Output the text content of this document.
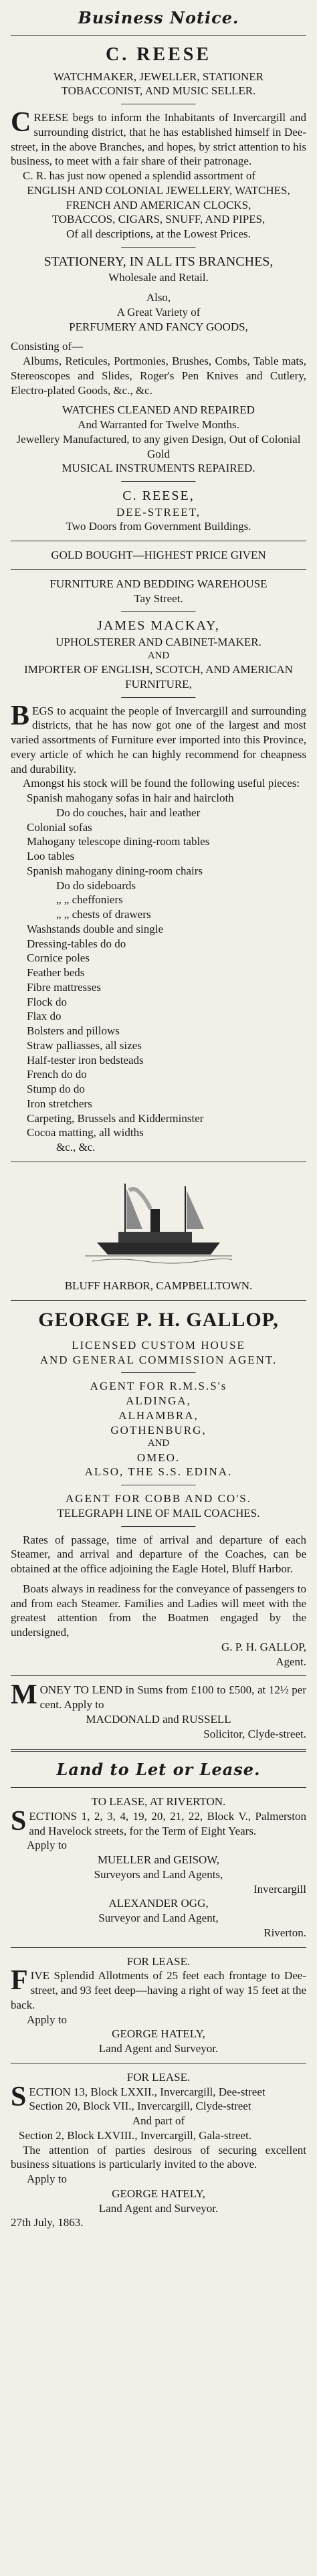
Business Notice.
C. REESE
WATCHMAKER, JEWELLER, STATIONER
TOBACCONIST, AND MUSIC SELLER.
CREESE begs to inform the Inhabitants of Invercargill and surrounding district, that he has established himself in Dee-street, in the above Branches, and hopes, by strict attention to his business, to meet with a fair share of their patronage.
C. R. has just now opened a splendid assortment of
ENGLISH AND COLONIAL JEWELLERY, WATCHES, FRENCH AND AMERICAN CLOCKS,
TOBACCOS, CIGARS, SNUFF, AND PIPES,
Of all descriptions, at the Lowest Prices.
STATIONERY, IN ALL ITS BRANCHES,
Wholesale and Retail.
Also,
A Great Variety of
PERFUMERY AND FANCY GOODS,
Consisting of—
Albums, Reticules, Portmonies, Brushes, Combs, Table mats, Stereoscopes and Slides, Roger's Pen Knives and Cutlery, Electro-plated Goods, &c., &c.
WATCHES CLEANED AND REPAIRED
And Warranted for Twelve Months.
Jewellery Manufactured, to any given Design, Out of Colonial Gold
MUSICAL INSTRUMENTS REPAIRED.
C. REESE,
DEE-STREET,
Two Doors from Government Buildings.
GOLD BOUGHT—HIGHEST PRICE GIVEN
FURNITURE AND BEDDING WAREHOUSE
Tay Street.
JAMES MACKAY,
UPHOLSTERER AND CABINET-MAKER.
AND
IMPORTER OF ENGLISH, SCOTCH, AND AMERICAN FURNITURE,
BEGS to acquaint the people of Invercargill and surrounding districts, that he has now got one of the largest and most varied assortments of Furniture ever imported into this Province, every article of which he can highly recommend for cheapness and durability.
Amongst his stock will be found the following useful pieces:
Spanish mahogany sofas in hair and haircloth
Do do couches, hair and leather
Colonial sofas
Mahogany telescope dining-room tables
Loo tables
Spanish mahogany dining-room chairs
Do do sideboards
„ „ cheffoniers
„ „ chests of drawers
Washstands double and single
Dressing-tables do do
Cornice poles
Feather beds
Fibre mattresses
Flock do
Flax do
Bolsters and pillows
Straw palliasses, all sizes
Half-tester iron bedsteads
French do do
Stump do do
Iron stretchers
Carpeting, Brussels and Kidderminster
Cocoa matting, all widths
&c., &c.
BLUFF HARBOR, CAMPBELLTOWN.
GEORGE P. H. GALLOP,
LICENSED CUSTOM HOUSE
AND GENERAL COMMISSION AGENT.
AGENT FOR R.M.S.S's
ALDINGA,
ALHAMBRA,
GOTHENBURG,
AND
OMEO.
ALSO, THE S.S. EDINA.
AGENT FOR COBB AND CO'S.
TELEGRAPH LINE OF MAIL COACHES.
Rates of passage, time of arrival and departure of each Steamer, and arrival and departure of the Coaches, can be obtained at the office adjoining the Eagle Hotel, Bluff Harbor.
Boats always in readiness for the conveyance of passengers to and from each Steamer. Families and Ladies will meet with the greatest attention from the Boatmen engaged by the undersigned,
G. P. H. GALLOP,
Agent.
MONEY TO LEND in Sums from £100 to £500, at 12½ per cent. Apply to
MACDONALD and RUSSELL
Solicitor, Clyde-street.
Land to Let or Lease.
TO LEASE, AT RIVERTON.
SECTIONS 1, 2, 3, 4, 19, 20, 21, 22, Block V., Palmerston and Havelock streets, for the Term of Eight Years.
Apply to
MUELLER and GEISOW,
Surveyors and Land Agents,
Invercargill
ALEXANDER OGG,
Surveyor and Land Agent,
Riverton.
FOR LEASE.
FIVE Splendid Allotments of 25 feet each frontage to Dee-street, and 93 feet deep—having a right of way 15 feet at the back.
Apply to
GEORGE HATELY,
Land Agent and Surveyor.
FOR LEASE.
SECTION 13, Block LXXII., Invercargill, Dee-street
Section 20, Block VII., Invercargill, Clyde-street
And part of
Section 2, Block LXVIII., Invercargill, Gala-street.
The attention of parties desirous of securing excellent business situations is particularly invited to the above.
Apply to
GEORGE HATELY,
Land Agent and Surveyor.
27th July, 1863.
